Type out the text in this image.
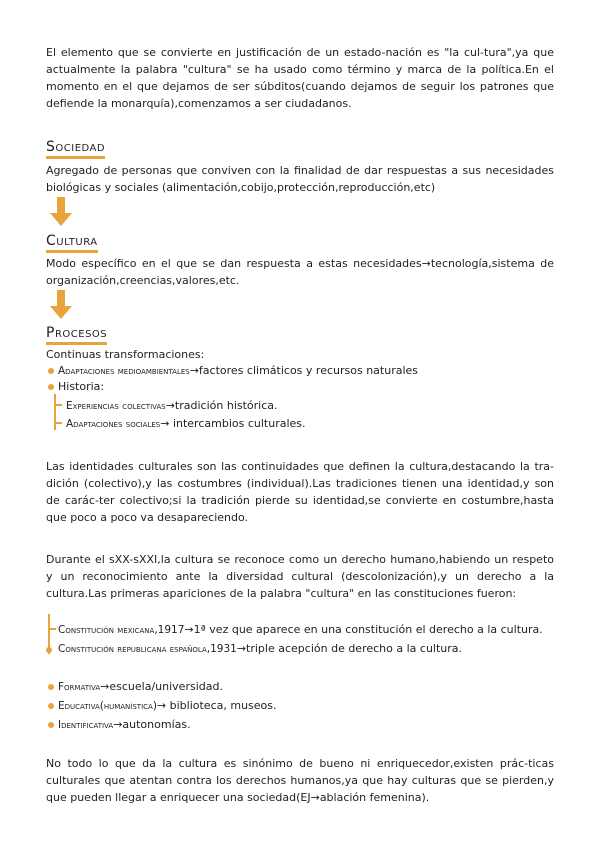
El elemento que se convierte en justificación de un estado-nación es "la cul-tura",ya que actualmente la palabra "cultura" se ha usado como término y marca de la política.En el momento en el que dejamos de ser súbditos(cuando dejamos de seguir los patrones que defiende la monarquía),comenzamos a ser ciudadanos.

Sociedad

Agregado de personas que conviven con la finalidad de dar respuestas a sus necesidades biológicas y sociales (alimentación,cobijo,protección,reproducción,etc)

Cultura

Modo específico en el que se dan respuesta a estas necesidades→tecnología,sistema de organización,creencias,valores,etc.

Procesos

Continuas transformaciones:

Adaptaciones medioambientales→factores climáticos y recursos naturales

Historia:

Experiencias colectivas→tradición histórica.

Adaptaciones sociales→ intercambios culturales.

Las identidades culturales son las continuidades que definen la cultura,destacando la tra-dición (colectivo),y las costumbres (individual).Las tradiciones tienen una identidad,y son de carác-ter colectivo;si la tradición pierde su identidad,se convierte en costumbre,hasta que poco a poco va desapareciendo.

Durante el sXX-sXXI,la cultura se reconoce como un derecho humano,habiendo un respeto y un reconocimiento ante la diversidad cultural (descolonización),y un derecho a la cultura.Las primeras apariciones de la palabra "cultura" en las constituciones fueron:

Constitución mexicana,1917→1ª vez que aparece en una constitución el derecho a la cultura.

Constitución republicana española,1931→triple acepción de derecho a la cultura.

Formativa→escuela/universidad.

Educativa(humanística)→ biblioteca, museos.

Identificativa→autonomías.

No todo lo que da la cultura es sinónimo de bueno ni enriquecedor,existen prác-ticas culturales que atentan contra los derechos humanos,ya que hay culturas que se pierden,y que pueden llegar a enriquecer una sociedad(EJ→ablación femenina).
